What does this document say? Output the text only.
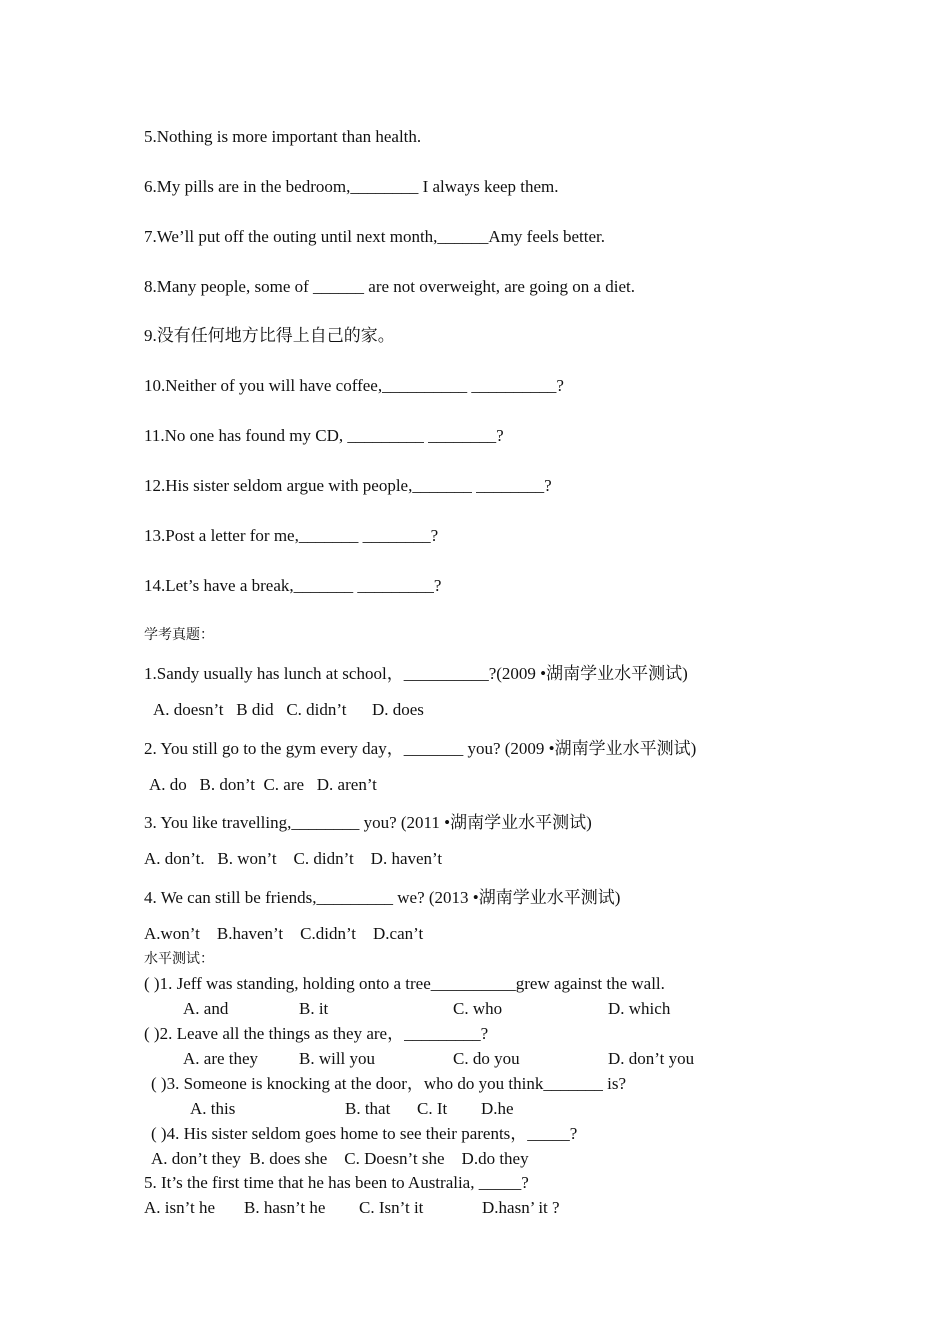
5.Nothing is more important than health.
6.My pills are in the bedroom,________ I always keep them.
7.We’ll put off the outing until next month,______Amy feels better.
8.Many people, some of ______ are not overweight, are going on a diet.
9.没有任何地方比得上自己的家。
10.Neither of you will have coffee,__________ __________?
11.No one has found my CD, _________ ________?
12.His sister seldom argue with people,_______ ________?
13.Post a letter for me,_______ ________?
14.Let’s have a break,_______ _________?
学考真题：
1.Sandy usually has lunch at school，__________?(2009 •湖南学业水平测试)
A. doesn’t   B did   C. didn’t      D. does
2. You still go to the gym every day，_______ you? (2009 •湖南学业水平测试)
A. do   B. don’t  C. are   D. aren’t
3. You like travelling,________ you? (2011 •湖南学业水平测试)
A. don’t.   B. won’t    C. didn’t    D. haven’t
4. We can still be friends,_________ we? (2013 •湖南学业水平测试)
A.won’t    B.haven’t    C.didn’t    D.can’t
水平测试：
( )1. Jeff was standing, holding onto a tree__________grew against the wall.
A. and	B. it	C. who	D. which
( )2. Leave all the things as they are，_________?
A. are they B. will you	C. do you	D. don’t you
( )3. Someone is knocking at the door，who do you think_______ is?
A. this	B. that C. It D.he
( )4. His sister seldom goes home to see their parents，_____?
A. don’t they  B. does she    C. Doesn’t she    D.do they
5. It’s the first time that he has been to Australia, _____?
A. isn’t he B. hasn’t he C. Isn’t it	D.hasn’ it ?
